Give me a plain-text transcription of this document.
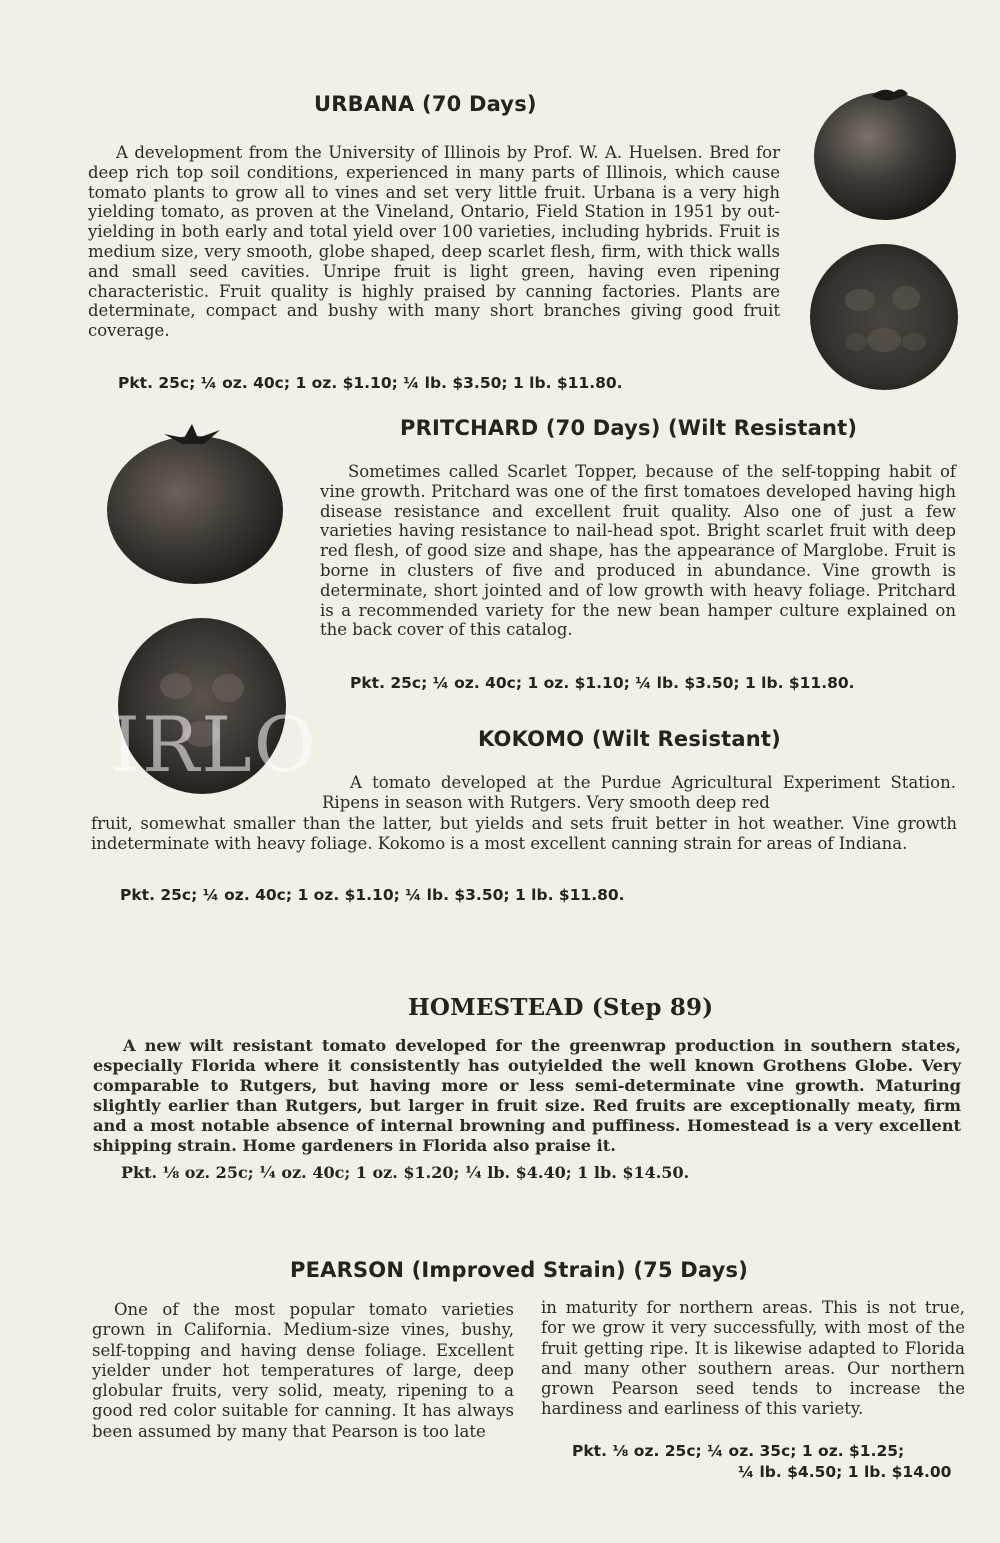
URBANA (70 Days)
A development from the University of Illinois by Prof. W. A. Huelsen. Bred for deep rich top soil conditions, experienced in many parts of Illinois, which cause tomato plants to grow all to vines and set very little fruit. Urbana is a very high yielding tomato, as proven at the Vineland, Ontario, Field Station in 1951 by out-yielding in both early and total yield over 100 varieties, including hybrids. Fruit is medium size, very smooth, globe shaped, deep scarlet flesh, firm, with thick walls and small seed cavities. Unripe fruit is light green, having even ripening characteristic. Fruit quality is highly praised by canning factories. Plants are determinate, compact and bushy with many short branches giving good fruit coverage.
Pkt. 25c; ¼ oz. 40c; 1 oz. $1.10; ¼ lb. $3.50; 1 lb. $11.80.
PRITCHARD (70 Days) (Wilt Resistant)
Sometimes called Scarlet Topper, because of the self-topping habit of vine growth. Pritchard was one of the first tomatoes developed having high disease resistance and excellent fruit quality. Also one of just a few varieties having resistance to nail-head spot. Bright scarlet fruit with deep red flesh, of good size and shape, has the appearance of Marglobe. Fruit is borne in clusters of five and produced in abundance. Vine growth is determinate, short jointed and of low growth with heavy foliage. Pritchard is a recommended variety for the new bean hamper culture explained on the back cover of this catalog.
Pkt. 25c; ¼ oz. 40c; 1 oz. $1.10; ¼ lb. $3.50; 1 lb. $11.80.
IRLO	KOKOMO (Wilt Resistant)
A tomato developed at the Purdue Agricultural Experiment Station. Ripens in season with Rutgers. Very smooth deep red
fruit, somewhat smaller than the latter, but yields and sets fruit better in hot weather. Vine growth indeterminate with heavy foliage. Kokomo is a most excellent canning strain for areas of Indiana.
Pkt. 25c; ¼ oz. 40c; 1 oz. $1.10; ¼ lb. $3.50; 1 lb. $11.80.
HOMESTEAD (Step 89)
A new wilt resistant tomato developed for the greenwrap production in southern states, especially Florida where it consistently has outyielded the well known Grothens Globe. Very comparable to Rutgers, but having more or less semi-determinate vine growth. Maturing slightly earlier than Rutgers, but larger in fruit size. Red fruits are exceptionally meaty, firm and a most notable absence of internal browning and puffiness. Homestead is a very excellent shipping strain. Home gardeners in Florida also praise it.
Pkt. ⅛ oz. 25c; ¼ oz. 40c; 1 oz. $1.20; ¼ lb. $4.40; 1 lb. $14.50.
PEARSON (Improved Strain) (75 Days)
One of the most popular tomato varieties grown in California. Medium-size vines, bushy, self-topping and having dense foliage. Excellent yielder under hot temperatures of large, deep globular fruits, very solid, meaty, ripening to a good red color suitable for canning. It has always been assumed by many that Pearson is too late
in maturity for northern areas. This is not true, for we grow it very successfully, with most of the fruit getting ripe. It is likewise adapted to Florida and many other southern areas. Our northern grown Pearson seed tends to increase the hardiness and earliness of this variety.
Pkt. ⅛ oz. 25c; ¼ oz. 35c; 1 oz. $1.25;
¼ lb. $4.50; 1 lb. $14.00
